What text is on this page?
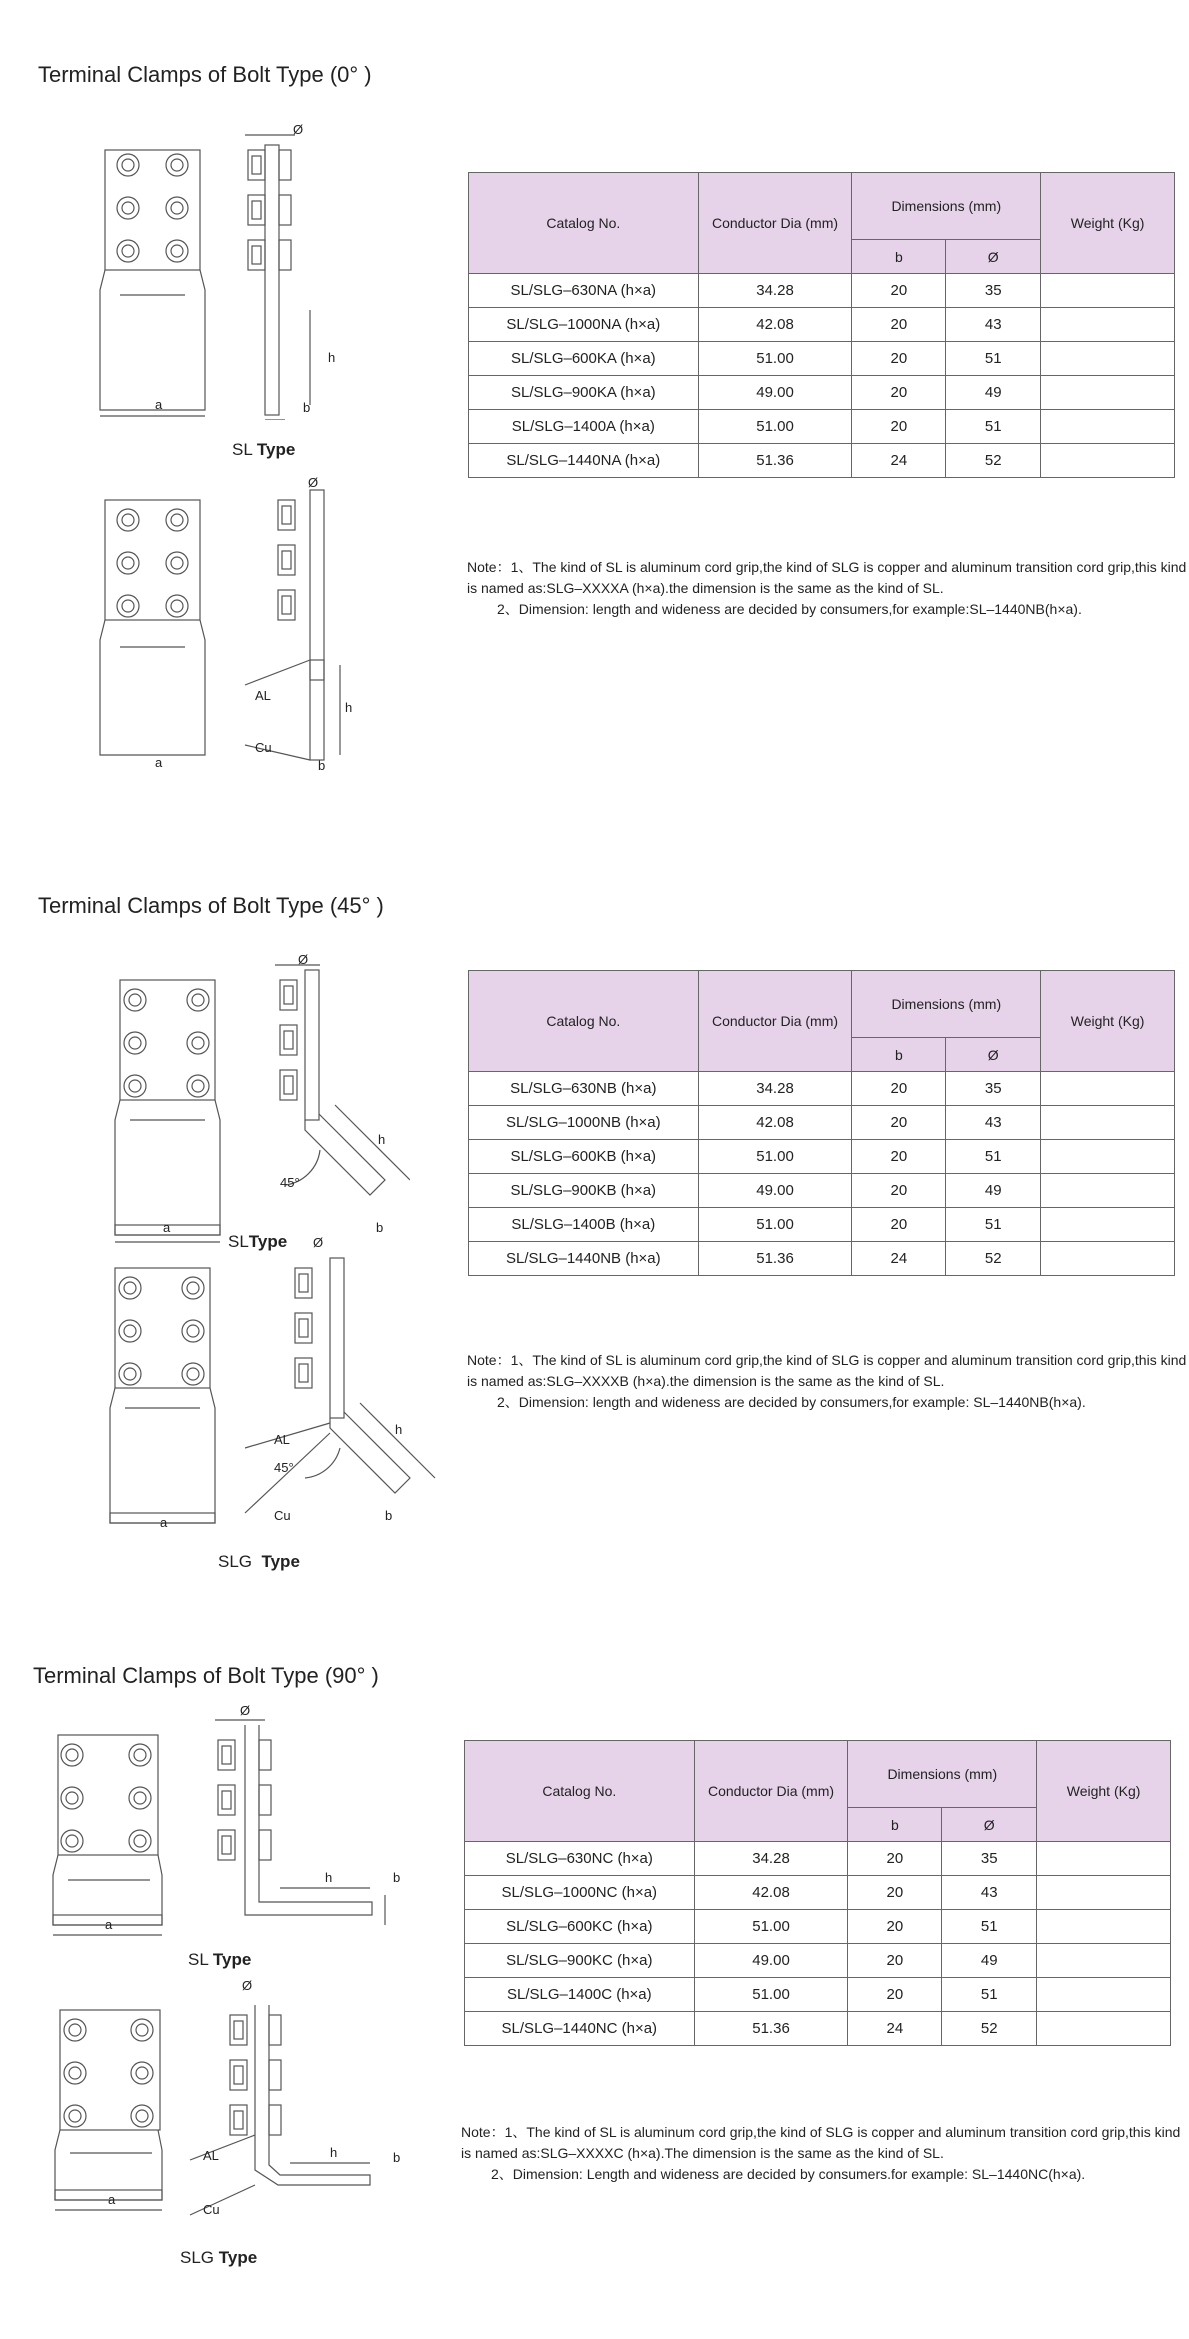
Terminal Clamps of Bolt Type (0° )
SL Type
Catalog No.	Conductor Dia (mm)	Dimensions (mm)		Weight (Kg)
		b	Ø	
SL/SLG–630NA (h×a)	34.28	20	35	
SL/SLG–1000NA (h×a)	42.08	20	43	
SL/SLG–600KA (h×a)	51.00	20	51	
SL/SLG–900KA (h×a)	49.00	20	49	
SL/SLG–1400A (h×a)	51.00	20	51	
SL/SLG–1440NA (h×a)	51.36	24	52	
Note：1、The kind of SL is aluminum cord grip,the kind of SLG is copper and aluminum transition cord grip,this kind is named as:SLG–XXXXA (h×a).the dimension is the same as the kind of SL.
2、Dimension: length and wideness are decided by consumers,for example:SL–1440NB(h×a).
Terminal Clamps of Bolt Type (45° )
SLType
SLG Type
Catalog No.	Conductor Dia (mm)	Dimensions (mm)		Weight (Kg)
		b	Ø	
SL/SLG–630NB (h×a)	34.28	20	35	
SL/SLG–1000NB (h×a)	42.08	20	43	
SL/SLG–600KB (h×a)	51.00	20	51	
SL/SLG–900KB (h×a)	49.00	20	49	
SL/SLG–1400B (h×a)	51.00	20	51	
SL/SLG–1440NB (h×a)	51.36	24	52	
Note：1、The kind of SL is aluminum cord grip,the kind of SLG is copper and aluminum transition cord grip,this kind is named as:SLG–XXXXB (h×a).the dimension is the same as the kind of SL.
2、Dimension: length and wideness are decided by consumers,for example: SL–1440NB(h×a).
Terminal Clamps of Bolt Type (90° )
SL Type
SLG Type
Catalog No.	Conductor Dia (mm)	Dimensions (mm)		Weight (Kg)
		b	Ø	
SL/SLG–630NC (h×a)	34.28	20	35	
SL/SLG–1000NC (h×a)	42.08	20	43	
SL/SLG–600KC (h×a)	51.00	20	51	
SL/SLG–900KC (h×a)	49.00	20	49	
SL/SLG–1400C (h×a)	51.00	20	51	
SL/SLG–1440NC (h×a)	51.36	24	52	
Note：1、The kind of SL is aluminum cord grip,the kind of SLG is copper and aluminum transition cord grip,this kind is named as:SLG–XXXXC (h×a).The dimension is the same as the kind of SL.
2、Dimension: Length and wideness are decided by consumers.for example: SL–1440NC(h×a).
Ø
a	b
h
Ø
AL
Cu
a
h
b
Ø
45°
h
b
a
Ø
AL
45°
Cu
h
b
a
Ø
h	b
a
Ø
AL	h	b
a
Cu
